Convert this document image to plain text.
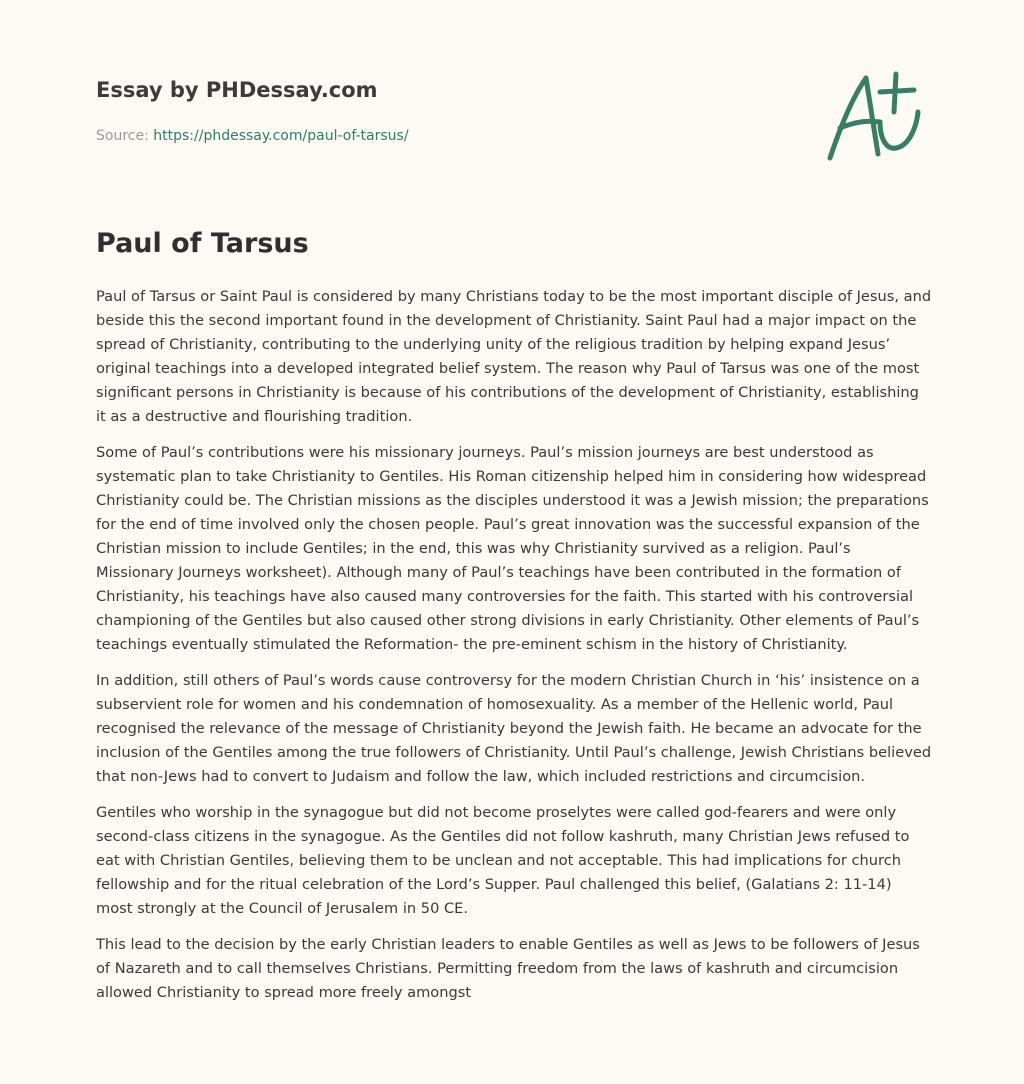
Essay by PHDessay.com
Source: https://phdessay.com/paul-of-tarsus/
Paul of Tarsus

Paul of Tarsus or Saint Paul is considered by many Christians today to be the most important disciple of Jesus, and beside this the second important found in the development of Christianity. Saint Paul had a major impact on the spread of Christianity, contributing to the underlying unity of the religious tradition by helping expand Jesus’ original teachings into a developed integrated belief system. The reason why Paul of Tarsus was one of the most significant persons in Christianity is because of his contributions of the development of Christianity, establishing it as a destructive and flourishing tradition.

Some of Paul’s contributions were his missionary journeys. Paul’s mission journeys are best understood as systematic plan to take Christianity to Gentiles. His Roman citizenship helped him in considering how widespread Christianity could be. The Christian missions as the disciples understood it was a Jewish mission; the preparations for the end of time involved only the chosen people. Paul’s great innovation was the successful expansion of the Christian mission to include Gentiles; in the end, this was why Christianity survived as a religion. Paul’s Missionary Journeys worksheet). Although many of Paul’s teachings have been contributed in the formation of Christianity, his teachings have also caused many controversies for the faith. This started with his controversial championing of the Gentiles but also caused other strong divisions in early Christianity. Other elements of Paul’s teachings eventually stimulated the Reformation- the pre-eminent schism in the history of Christianity.

In addition, still others of Paul’s words cause controversy for the modern Christian Church in ‘his’ insistence on a subservient role for women and his condemnation of homosexuality. As a member of the Hellenic world, Paul recognised the relevance of the message of Christianity beyond the Jewish faith. He became an advocate for the inclusion of the Gentiles among the true followers of Christianity. Until Paul’s challenge, Jewish Christians believed that non-Jews had to convert to Judaism and follow the law, which included restrictions and circumcision.

Gentiles who worship in the synagogue but did not become proselytes were called god-fearers and were only second-class citizens in the synagogue. As the Gentiles did not follow kashruth, many Christian Jews refused to eat with Christian Gentiles, believing them to be unclean and not acceptable. This had implications for church fellowship and for the ritual celebration of the Lord’s Supper. Paul challenged this belief, (Galatians 2: 11-14) most strongly at the Council of Jerusalem in 50 CE.

This lead to the decision by the early Christian leaders to enable Gentiles as well as Jews to be followers of Jesus of Nazareth and to call themselves Christians. Permitting freedom from the laws of kashruth and circumcision allowed Christianity to spread more freely amongst
